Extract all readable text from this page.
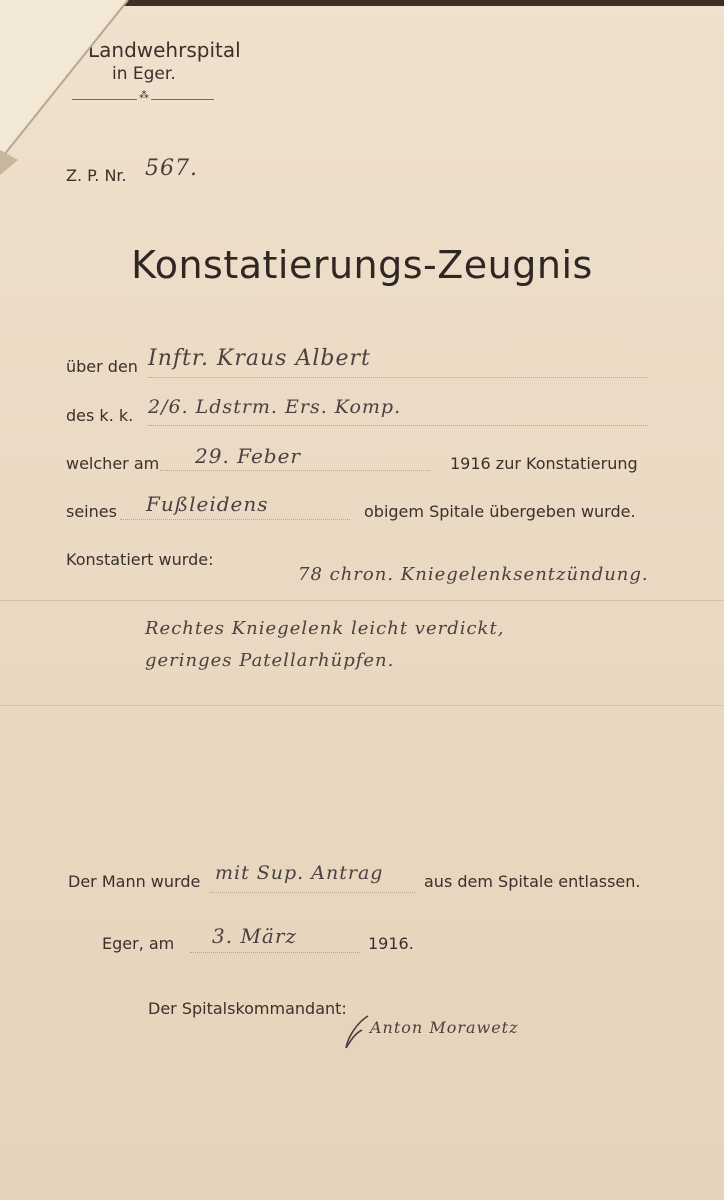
Landwehrspital
in Eger.
⁂
Z. P. Nr. 567.
Konstatierungs-Zeugnis
über den Inftr. Kraus Albert
des k. k. 2/6. Ldstrm. Ers. Komp.
welcher am 29. Feber	1916 zur Konstatierung
seines Fußleidens	obigem Spitale übergeben wurde.
Konstatiert wurde:
78 chron. Kniegelenksentzündung.
Rechtes Kniegelenk leicht verdickt,
geringes Patellarhüpfen.
Der Mann wurde mit Sup. Antrag	aus dem Spitale entlassen.
Eger, am 3. März	1916.
Der Spitalskommandant:
Anton Morawetz
